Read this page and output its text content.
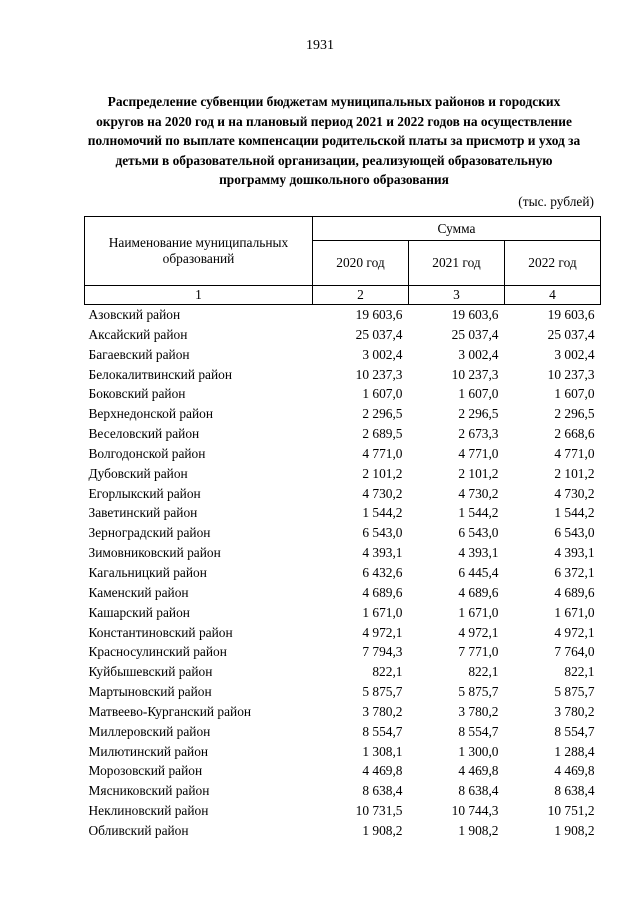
1931
Распределение субвенции бюджетам муниципальных районов и городских округов на 2020 год и на плановый период 2021 и 2022 годов на осуществление полномочий по выплате компенсации родительской платы за присмотр и уход за детьми в образовательной организации, реализующей образовательную программу дошкольного образования
(тыс. рублей)
Наименование муниципальных образований	Сумма		
	2020 год	2021 год	2022 год
1	2	3	4
Азовский район	19 603,6	19 603,6	19 603,6
Аксайский район	25 037,4	25 037,4	25 037,4
Багаевский район	3 002,4	3 002,4	3 002,4
Белокалитвинский район	10 237,3	10 237,3	10 237,3
Боковский район	1 607,0	1 607,0	1 607,0
Верхнедонской район	2 296,5	2 296,5	2 296,5
Веселовский район	2 689,5	2 673,3	2 668,6
Волгодонской район	4 771,0	4 771,0	4 771,0
Дубовский район	2 101,2	2 101,2	2 101,2
Егорлыкский район	4 730,2	4 730,2	4 730,2
Заветинский район	1 544,2	1 544,2	1 544,2
Зерноградский район	6 543,0	6 543,0	6 543,0
Зимовниковский район	4 393,1	4 393,1	4 393,1
Кагальницкий район	6 432,6	6 445,4	6 372,1
Каменский район	4 689,6	4 689,6	4 689,6
Кашарский район	1 671,0	1 671,0	1 671,0
Константиновский район	4 972,1	4 972,1	4 972,1
Красносулинский район	7 794,3	7 771,0	7 764,0
Куйбышевский район	822,1	822,1	822,1
Мартыновский район	5 875,7	5 875,7	5 875,7
Матвеево-Курганский район	3 780,2	3 780,2	3 780,2
Миллеровский район	8 554,7	8 554,7	8 554,7
Милютинский район	1 308,1	1 300,0	1 288,4
Морозовский район	4 469,8	4 469,8	4 469,8
Мясниковский район	8 638,4	8 638,4	8 638,4
Неклиновский район	10 731,5	10 744,3	10 751,2
Обливский район	1 908,2	1 908,2	1 908,2
